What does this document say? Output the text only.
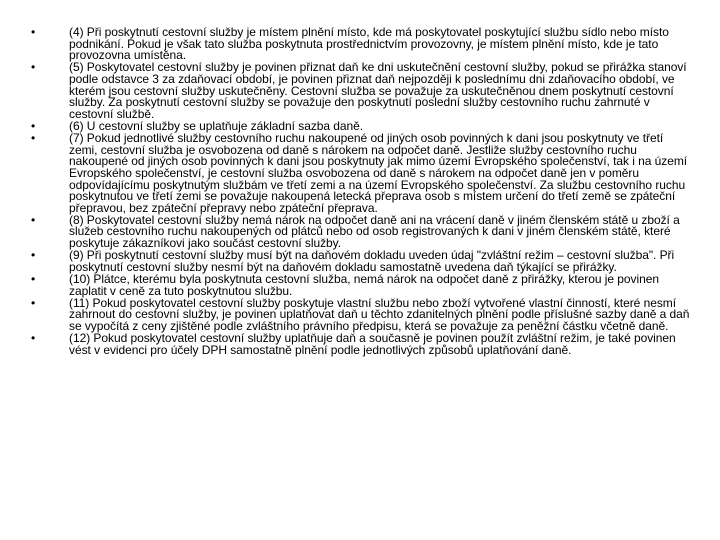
•	(4) Při poskytnutí cestovní služby je místem plnění místo, kde má poskytovatel poskytující službu sídlo nebo místo podnikání. Pokud je však tato služba poskytnuta prostřednictvím provozovny, je místem plnění místo, kde je tato provozovna umístěna.
•	(5) Poskytovatel cestovní služby je povinen přiznat daň ke dni uskutečnění cestovní služby, pokud se přirážka stanoví podle odstavce 3 za zdaňovací období, je povinen přiznat daň nejpozději k poslednímu dni zdaňovacího období, ve kterém jsou cestovní služby uskutečněny. Cestovní služba se považuje za uskutečněnou dnem poskytnutí cestovní služby. Za poskytnutí cestovní služby se považuje den poskytnutí poslední služby cestovního ruchu zahrnuté v cestovní službě.
•	(6) U cestovní služby se uplatňuje základní sazba daně.
•	(7) Pokud jednotlivé služby cestovního ruchu nakoupené od jiných osob povinných k dani jsou poskytnuty ve třetí zemi, cestovní služba je osvobozena od daně s nárokem na odpočet daně. Jestliže služby cestovního ruchu nakoupené od jiných osob povinných k dani jsou poskytnuty jak mimo území Evropského společenství, tak i na území Evropského společenství, je cestovní služba osvobozena od daně s nárokem na odpočet daně jen v poměru odpovídajícímu poskytnutým službám ve třetí zemi a na území Evropského společenství. Za službu cestovního ruchu poskytnutou ve třetí zemi se považuje nakoupená letecká přeprava osob s místem určení do třetí země se zpáteční přepravou, bez zpáteční přepravy nebo zpáteční přeprava.
•	(8) Poskytovatel cestovní služby nemá nárok na odpočet daně ani na vrácení daně v jiném členském státě u zboží a služeb cestovního ruchu nakoupených od plátců nebo od osob registrovaných k dani v jiném členském státě, které poskytuje zákazníkovi jako součást cestovní služby.
•	(9) Při poskytnutí cestovní služby musí být na daňovém dokladu uveden údaj "zvláštní režim – cestovní služba". Při poskytnutí cestovní služby nesmí být na daňovém dokladu samostatně uvedena daň týkající se přirážky.
•	(10) Plátce, kterému byla poskytnuta cestovní služba, nemá nárok na odpočet daně z přirážky, kterou je povinen zaplatit v ceně za tuto poskytnutou službu.
•	(11) Pokud poskytovatel cestovní služby poskytuje vlastní službu nebo zboží vytvořené vlastní činností, které nesmí zahrnout do cestovní služby, je povinen uplatňovat daň u těchto zdanitelných plnění podle příslušné sazby daně a daň se vypočítá z ceny zjištěné podle zvláštního právního předpisu, která se považuje za peněžní částku včetně daně.
•	(12) Pokud poskytovatel cestovní služby uplatňuje daň a současně je povinen použít zvláštní režim, je také povinen vést v evidenci pro účely DPH samostatně plnění podle jednotlivých způsobů uplatňování daně.
